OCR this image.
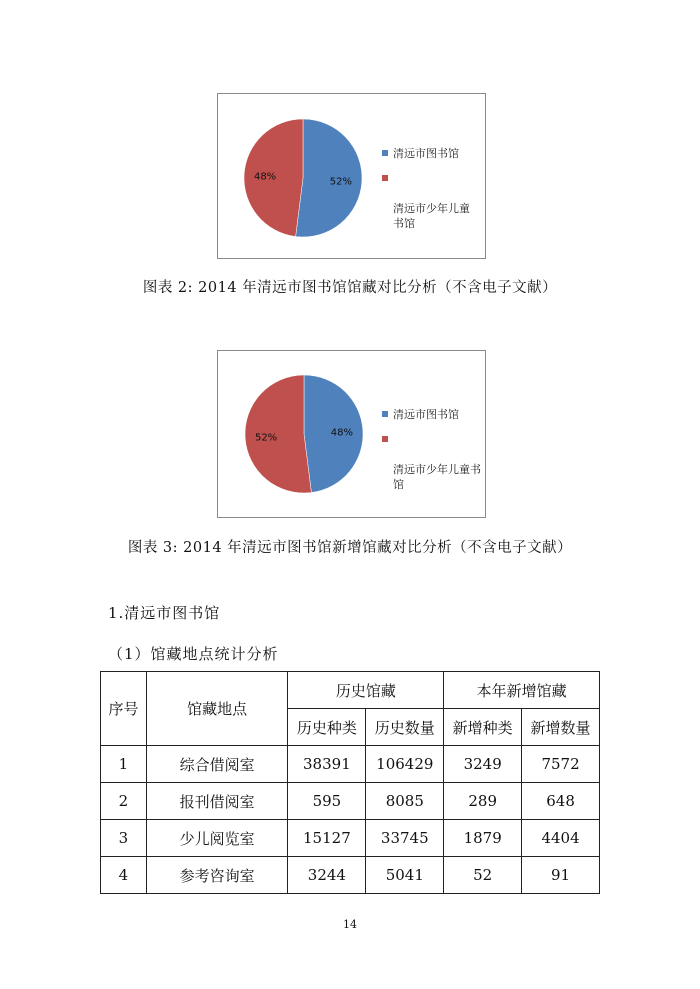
52%
48%
清远市图书馆

清远市少年儿童
书馆

图表 2: 2014 年清远市图书馆馆藏对比分析（不含电子文献）
48%
52%
清远市图书馆

清远市少年儿童书
馆

图表 3: 2014 年清远市图书馆新增馆藏对比分析（不含电子文献）
1.清远市图书馆
（1）馆藏地点统计分析
序号	馆藏地点	历史馆藏		本年新增馆藏	
		历史种类	历史数量	新增种类	新增数量
1	综合借阅室	38391	106429	3249	7572
2	报刊借阅室	595	8085	289	648
3	少儿阅览室	15127	33745	1879	4404
4	参考咨询室	3244	5041	52	91
14
